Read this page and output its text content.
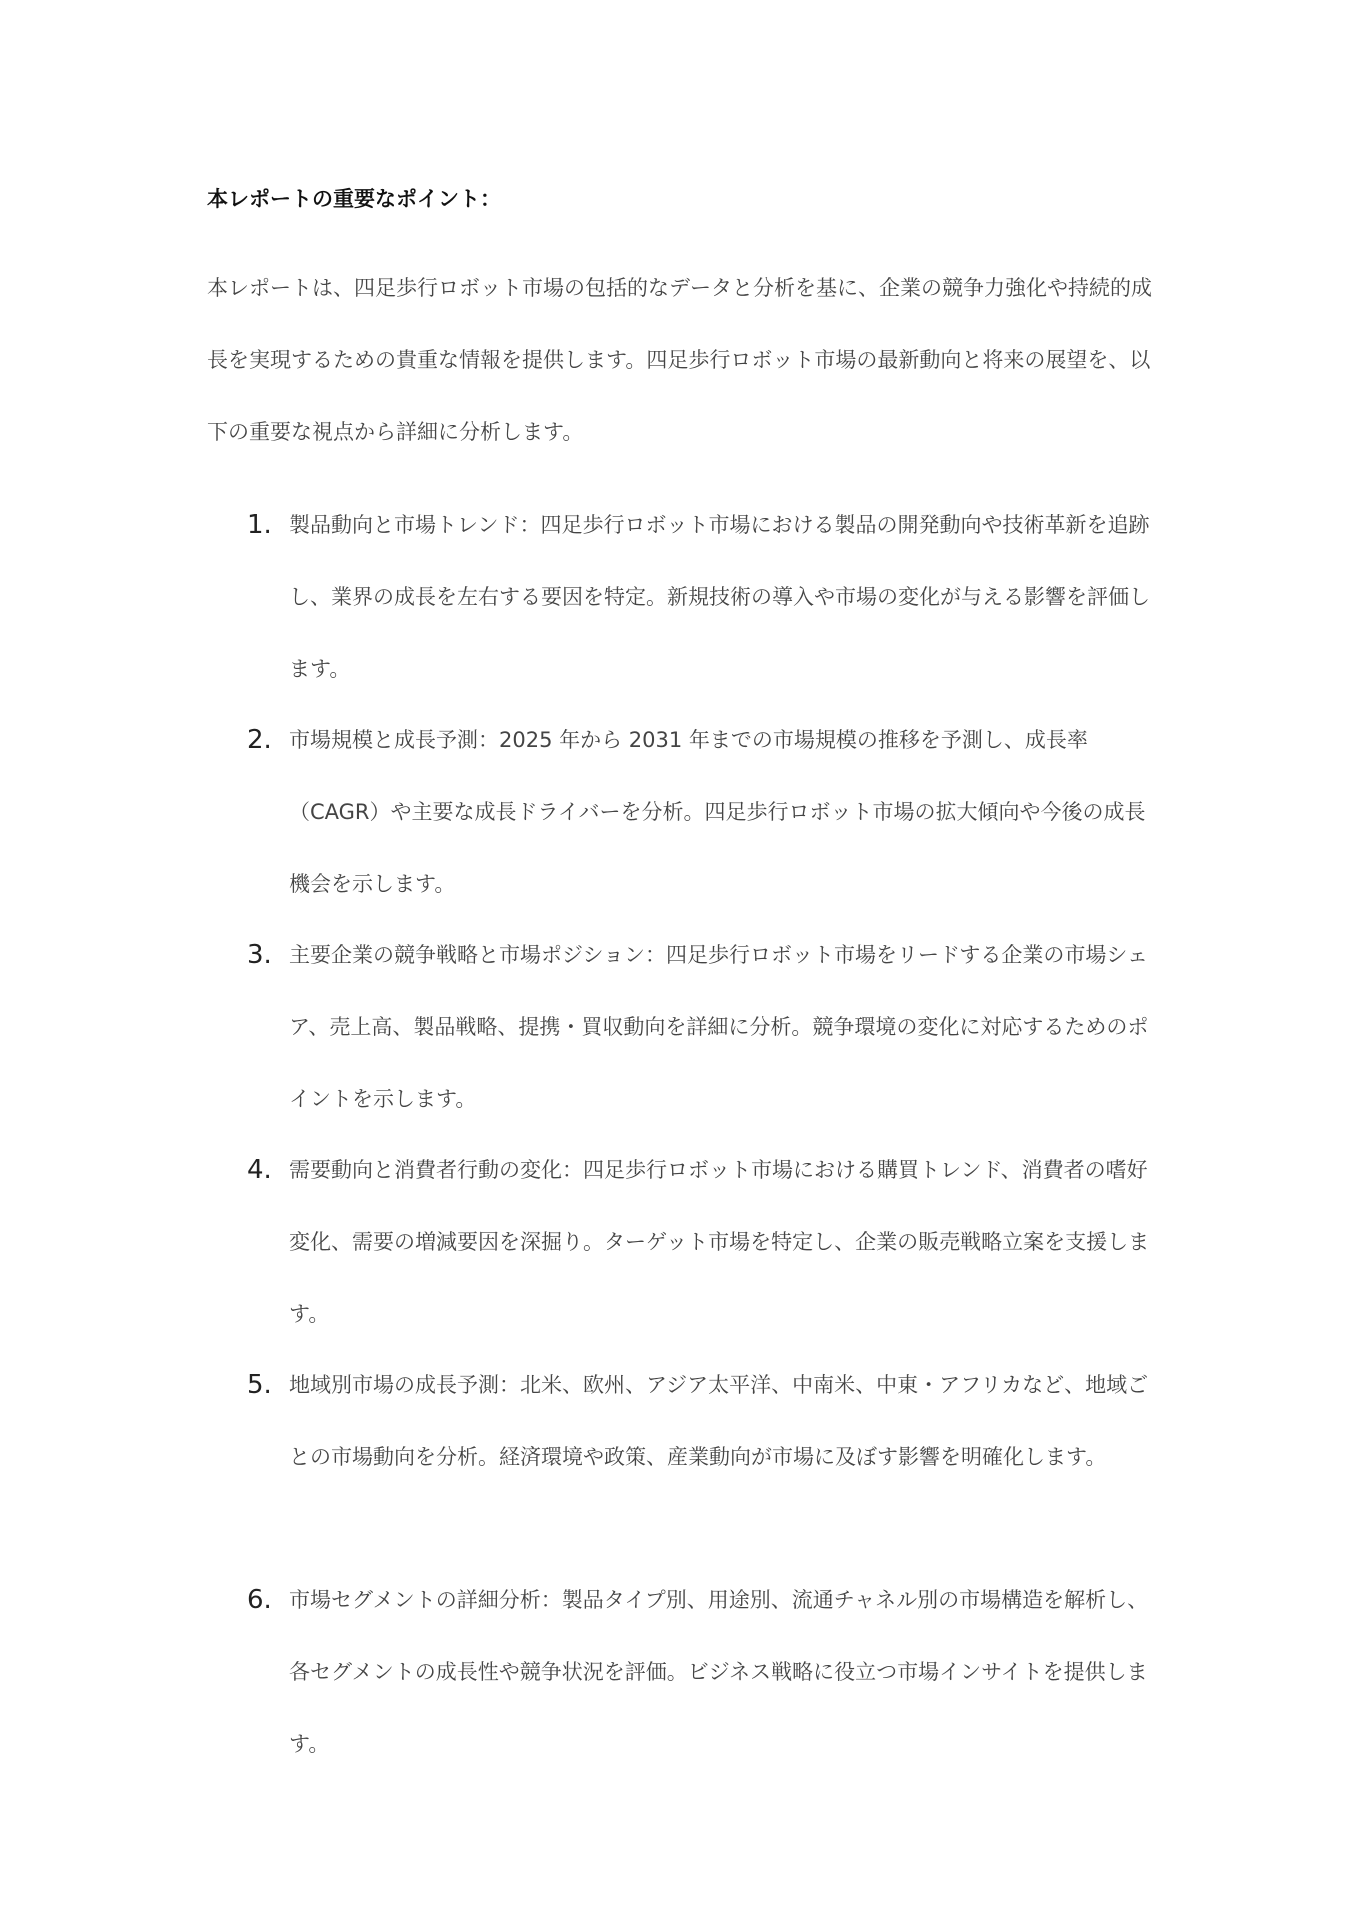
本レポートの重要なポイント：

本レポートは、四足歩行ロボット市場の包括的なデータと分析を基に、企業の競争力強化や持続的成長を実現するための貴重な情報を提供します。四足歩行ロボット市場の最新動向と将来の展望を、以下の重要な視点から詳細に分析します。

1. 製品動向と市場トレンド：四足歩行ロボット市場における製品の開発動向や技術革新を追跡し、業界の成長を左右する要因を特定。新規技術の導入や市場の変化が与える影響を評価します。

2. 市場規模と成長予測：2025 年から 2031 年までの市場規模の推移を予測し、成長率（CAGR）や主要な成長ドライバーを分析。四足歩行ロボット市場の拡大傾向や今後の成長機会を示します。

3. 主要企業の競争戦略と市場ポジション：四足歩行ロボット市場をリードする企業の市場シェア、売上高、製品戦略、提携・買収動向を詳細に分析。競争環境の変化に対応するためのポイントを示します。

4. 需要動向と消費者行動の変化：四足歩行ロボット市場における購買トレンド、消費者の嗜好変化、需要の増減要因を深掘り。ターゲット市場を特定し、企業の販売戦略立案を支援します。

5. 地域別市場の成長予測：北米、欧州、アジア太平洋、中南米、中東・アフリカなど、地域ごとの市場動向を分析。経済環境や政策、産業動向が市場に及ぼす影響を明確化します。

6. 市場セグメントの詳細分析：製品タイプ別、用途別、流通チャネル別の市場構造を解析し、各セグメントの成長性や競争状況を評価。ビジネス戦略に役立つ市場インサイトを提供します。
